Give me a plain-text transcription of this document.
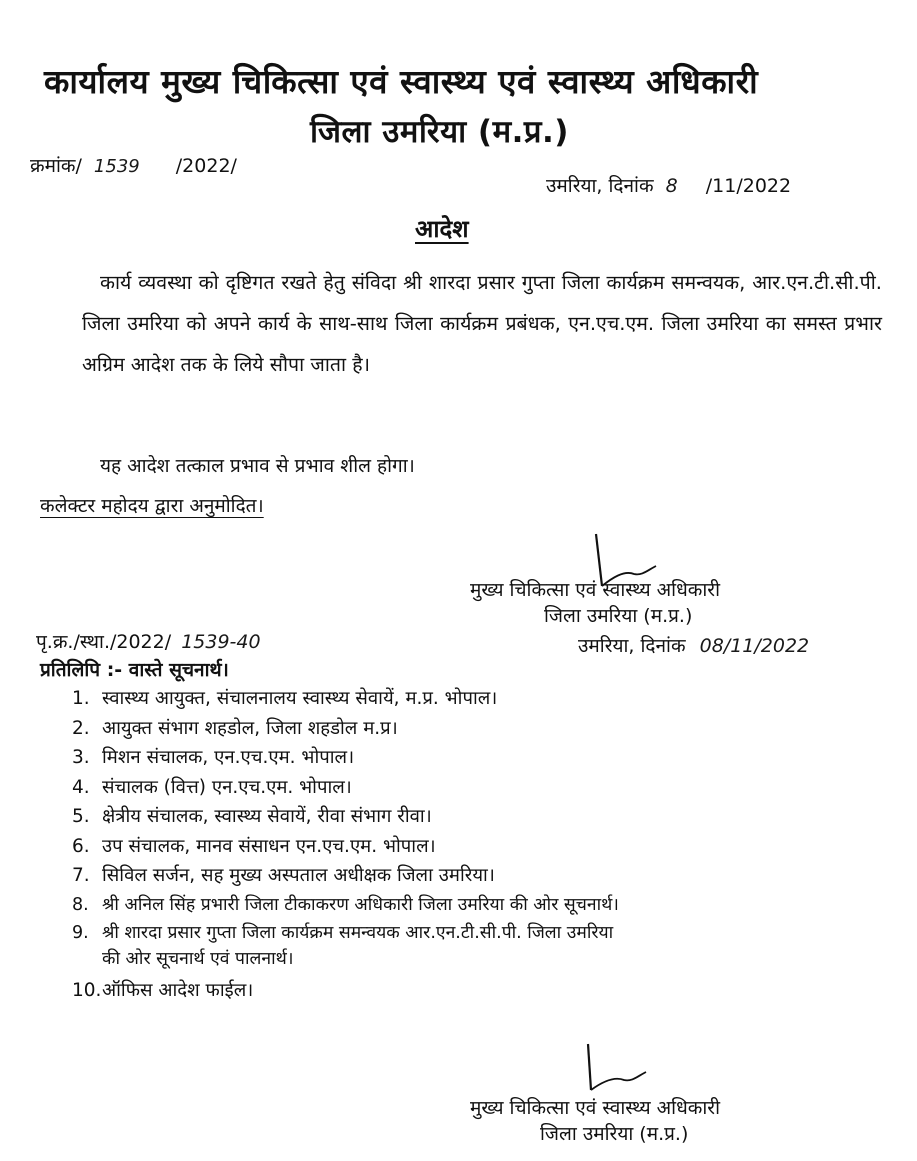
कार्यालय मुख्य चिकित्सा एवं स्वास्थ्य एवं स्वास्थ्य अधिकारी
जिला उमरिया (म.प्र.)
क्रमांक/ 1539 /2022/
उमरिया, दिनांक 8 /11/2022
आदेश
कार्य व्यवस्था को दृष्टिगत रखते हेतु संविदा श्री शारदा प्रसार गुप्ता जिला कार्यक्रम समन्वयक, आर.एन.टी.सी.पी. जिला उमरिया को अपने कार्य के साथ-साथ जिला कार्यक्रम प्रबंधक, एन.एच.एम. जिला उमरिया का समस्त प्रभार अग्रिम आदेश तक के लिये सौपा जाता है।
यह आदेश तत्काल प्रभाव से प्रभाव शील होगा।
कलेक्टर महोदय द्वारा अनुमोदित।
मुख्य चिकित्सा एवं स्वास्थ्य अधिकारी
जिला उमरिया (म.प्र.)
पृ.क्र./स्था./2022/ 1539-40	उमरिया, दिनांक 08/11/2022
प्रतिलिपि :- वास्ते सूचनार्थ।
1. स्वास्थ्य आयुक्त, संचालनालय स्वास्थ्य सेवायें, म.प्र. भोपाल।
2. आयुक्त संभाग शहडोल, जिला शहडोल म.प्र।
3. मिशन संचालक, एन.एच.एम. भोपाल।
4. संचालक (वित्त) एन.एच.एम. भोपाल।
5. क्षेत्रीय संचालक, स्वास्थ्य सेवायें, रीवा संभाग रीवा।
6. उप संचालक, मानव संसाधन एन.एच.एम. भोपाल।
7. सिविल सर्जन, सह मुख्य अस्पताल अधीक्षक जिला उमरिया।
8. श्री अनिल सिंह प्रभारी जिला टीकाकरण अधिकारी जिला उमरिया की ओर सूचनार्थ।
9. श्री शारदा प्रसार गुप्ता जिला कार्यक्रम समन्वयक आर.एन.टी.सी.पी. जिला उमरिया
की ओर सूचनार्थ एवं पालनार्थ।
10.ऑफिस आदेश फाईल।
मुख्य चिकित्सा एवं स्वास्थ्य अधिकारी
जिला उमरिया (म.प्र.)
